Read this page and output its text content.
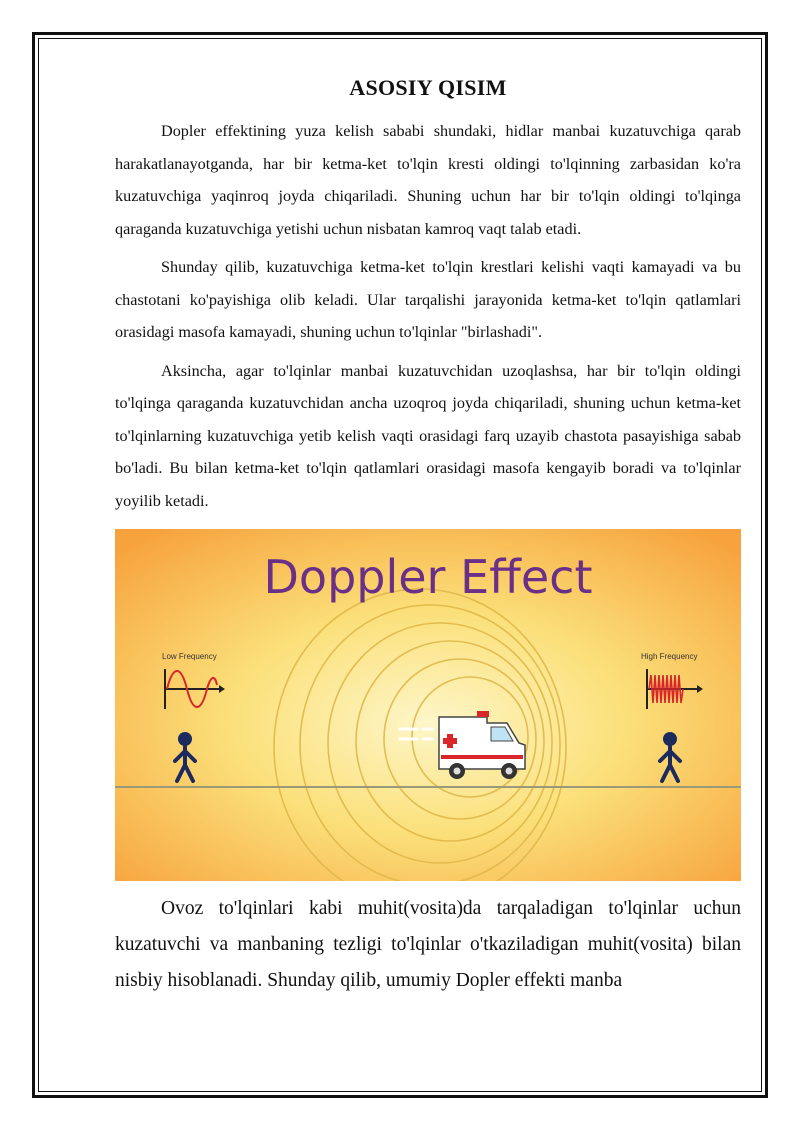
ASOSIY QISIM

Dopler effektining yuza kelish sababi shundaki, hidlar manbai kuzatuvchiga qarab harakatlanayotganda, har bir ketma-ket to'lqin kresti oldingi to'lqinning zarbasidan ko'ra kuzatuvchiga yaqinroq joyda chiqariladi. Shuning uchun har bir to'lqin oldingi to'lqinga qaraganda kuzatuvchiga yetishi uchun nisbatan kamroq vaqt talab etadi.

Shunday qilib, kuzatuvchiga ketma-ket to'lqin krestlari kelishi vaqti kamayadi va bu chastotani ko'payishiga olib keladi. Ular tarqalishi jarayonida ketma-ket to'lqin qatlamlari orasidagi masofa kamayadi, shuning uchun to'lqinlar "birlashadi".

Aksincha, agar to'lqinlar manbai kuzatuvchidan uzoqlashsa, har bir to'lqin oldingi to'lqinga qaraganda kuzatuvchidan ancha uzoqroq joyda chiqariladi, shuning uchun ketma-ket to'lqinlarning kuzatuvchiga yetib kelish vaqti orasidagi farq uzayib chastota pasayishiga sabab bo'ladi. Bu bilan ketma-ket to'lqin qatlamlari orasidagi masofa kengayib boradi va to'lqinlar yoyilib ketadi.

Doppler Effect
Low Frequency	High Frequency

Ovoz to'lqinlari kabi muhit(vosita)da tarqaladigan to'lqinlar uchun kuzatuvchi va manbaning tezligi to'lqinlar o'tkaziladigan muhit(vosita) bilan nisbiy hisoblanadi. Shunday qilib, umumiy Dopler effekti manba
